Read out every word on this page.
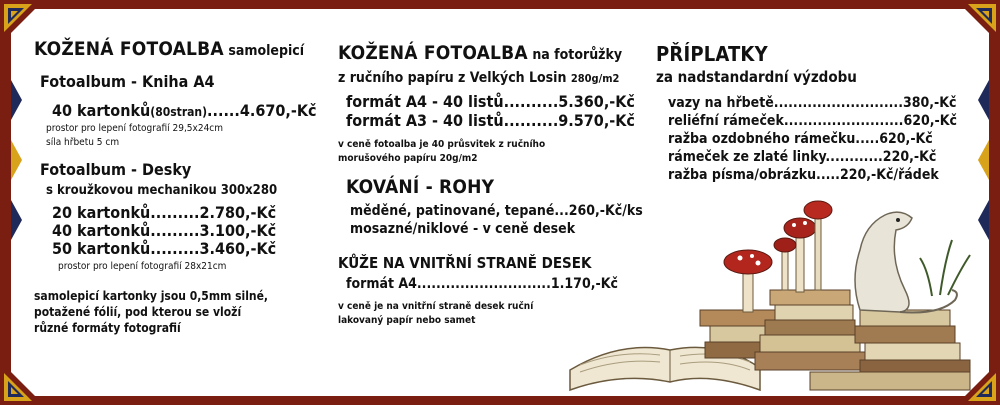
KOŽENÁ FOTOALBA samolepicí
Fotoalbum - Kniha A4
40 kartonků(80stran)......4.670,-Kč
prostor pro lepení fotografií 29,5x24cm
síla hřbetu 5 cm
Fotoalbum - Desky
s kroužkovou mechanikou 300x280
20 kartonků.........2.780,-Kč
40 kartonků.........3.100,-Kč
50 kartonků.........3.460,-Kč
prostor pro lepení fotografií 28x21cm
samolepicí kartonky jsou 0,5mm silné,
potažené fólií, pod kterou se vloží
různé formáty fotografií
KOŽENÁ FOTOALBA na fotorůžky
z ručního papíru z Velkých Losin 280g/m2
formát A4 - 40 listů..........5.360,-Kč
formát A3 - 40 listů..........9.570,-Kč
v ceně fotoalba je 40 průsvitek z ručního
morušového papíru 20g/m2
KOVÁNÍ - ROHY
měděné, patinované, tepané...260,-Kč/ks
mosazné/niklové - v ceně desek
KŮŽE NA VNITŘNÍ STRANĚ DESEK
formát A4............................1.170,-Kč
v ceně je na vnitřní straně desek ruční
lakovaný papír nebo samet
PŘÍPLATKY
za nadstandardní výzdobu
vazy na hřbetě...........................380,-Kč
reliéfní rámeček.........................620,-Kč
ražba ozdobného rámečku.....620,-Kč
rámeček ze zlaté linky............220,-Kč
ražba písma/obrázku.....220,-Kč/řádek
